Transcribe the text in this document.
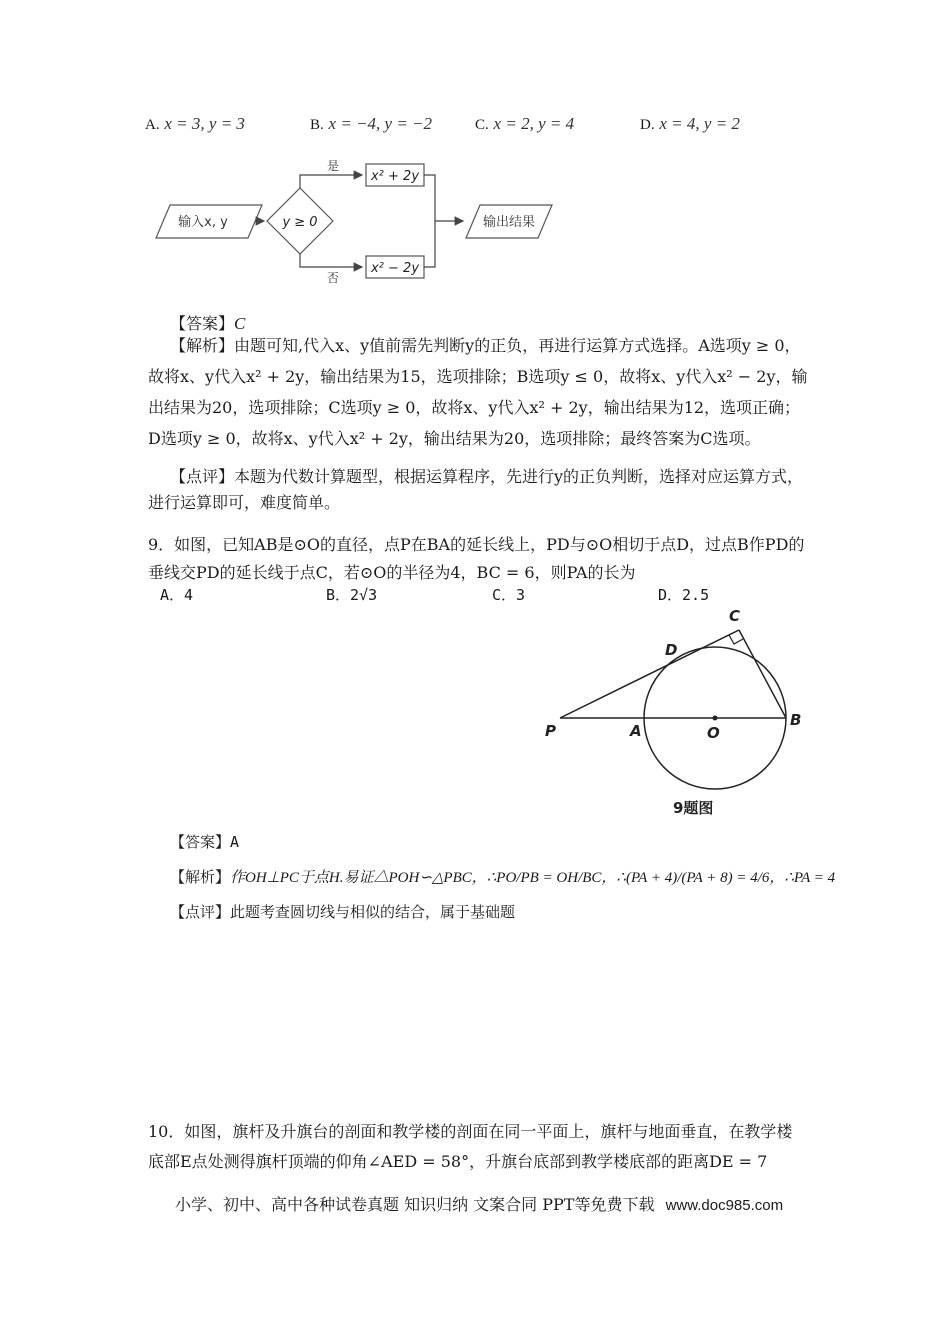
A. x = 3, y = 3	B. x = −4, y = −2	C. x = 2, y = 4	D. x = 4, y = 2
输入x, y	y ≥ 0
是
否
x² + 2y
x² − 2y
输出结果
【答案】C
【解析】由题可知,代入x、y值前需先判断y的正负，再进行运算方式选择。A选项y ≥ 0，故将x、y代入x² + 2y，输出结果为15，选项排除；B选项y ≤ 0，故将x、y代入x² − 2y，输出结果为20，选项排除；C选项y ≥ 0，故将x、y代入x² + 2y，输出结果为12，选项正确；D选项y ≥ 0，故将x、y代入x² + 2y，输出结果为20，选项排除；最终答案为C选项。
【点评】本题为代数计算题型，根据运算程序，先进行y的正负判断，选择对应运算方式，进行运算即可，难度简单。
9．如图，已知AB是⊙O的直径，点P在BA的延长线上，PD与⊙O相切于点D，过点B作PD的垂线交PD的延长线于点C，若⊙O的半径为4，BC = 6，则PA的长为
A．4	B．2√3	C．3	D．2.5
P	A	O
B
C
D
9题图
【答案】A
【解析】作OH⊥PC于点H.易证△POH∽△PBC，∴PO/PB = OH/BC，∴(PA + 4)/(PA + 8) = 4/6，∴PA = 4
【点评】此题考查圆切线与相似的结合，属于基础题
10．如图，旗杆及升旗台的剖面和教学楼的剖面在同一平面上，旗杆与地面垂直，在教学楼底部E点处测得旗杆顶端的仰角∠AED = 58°，升旗台底部到教学楼底部的距离DE = 7
小学、初中、高中各种试卷真题 知识归纳 文案合同 PPT等免费下载 www.doc985.com
